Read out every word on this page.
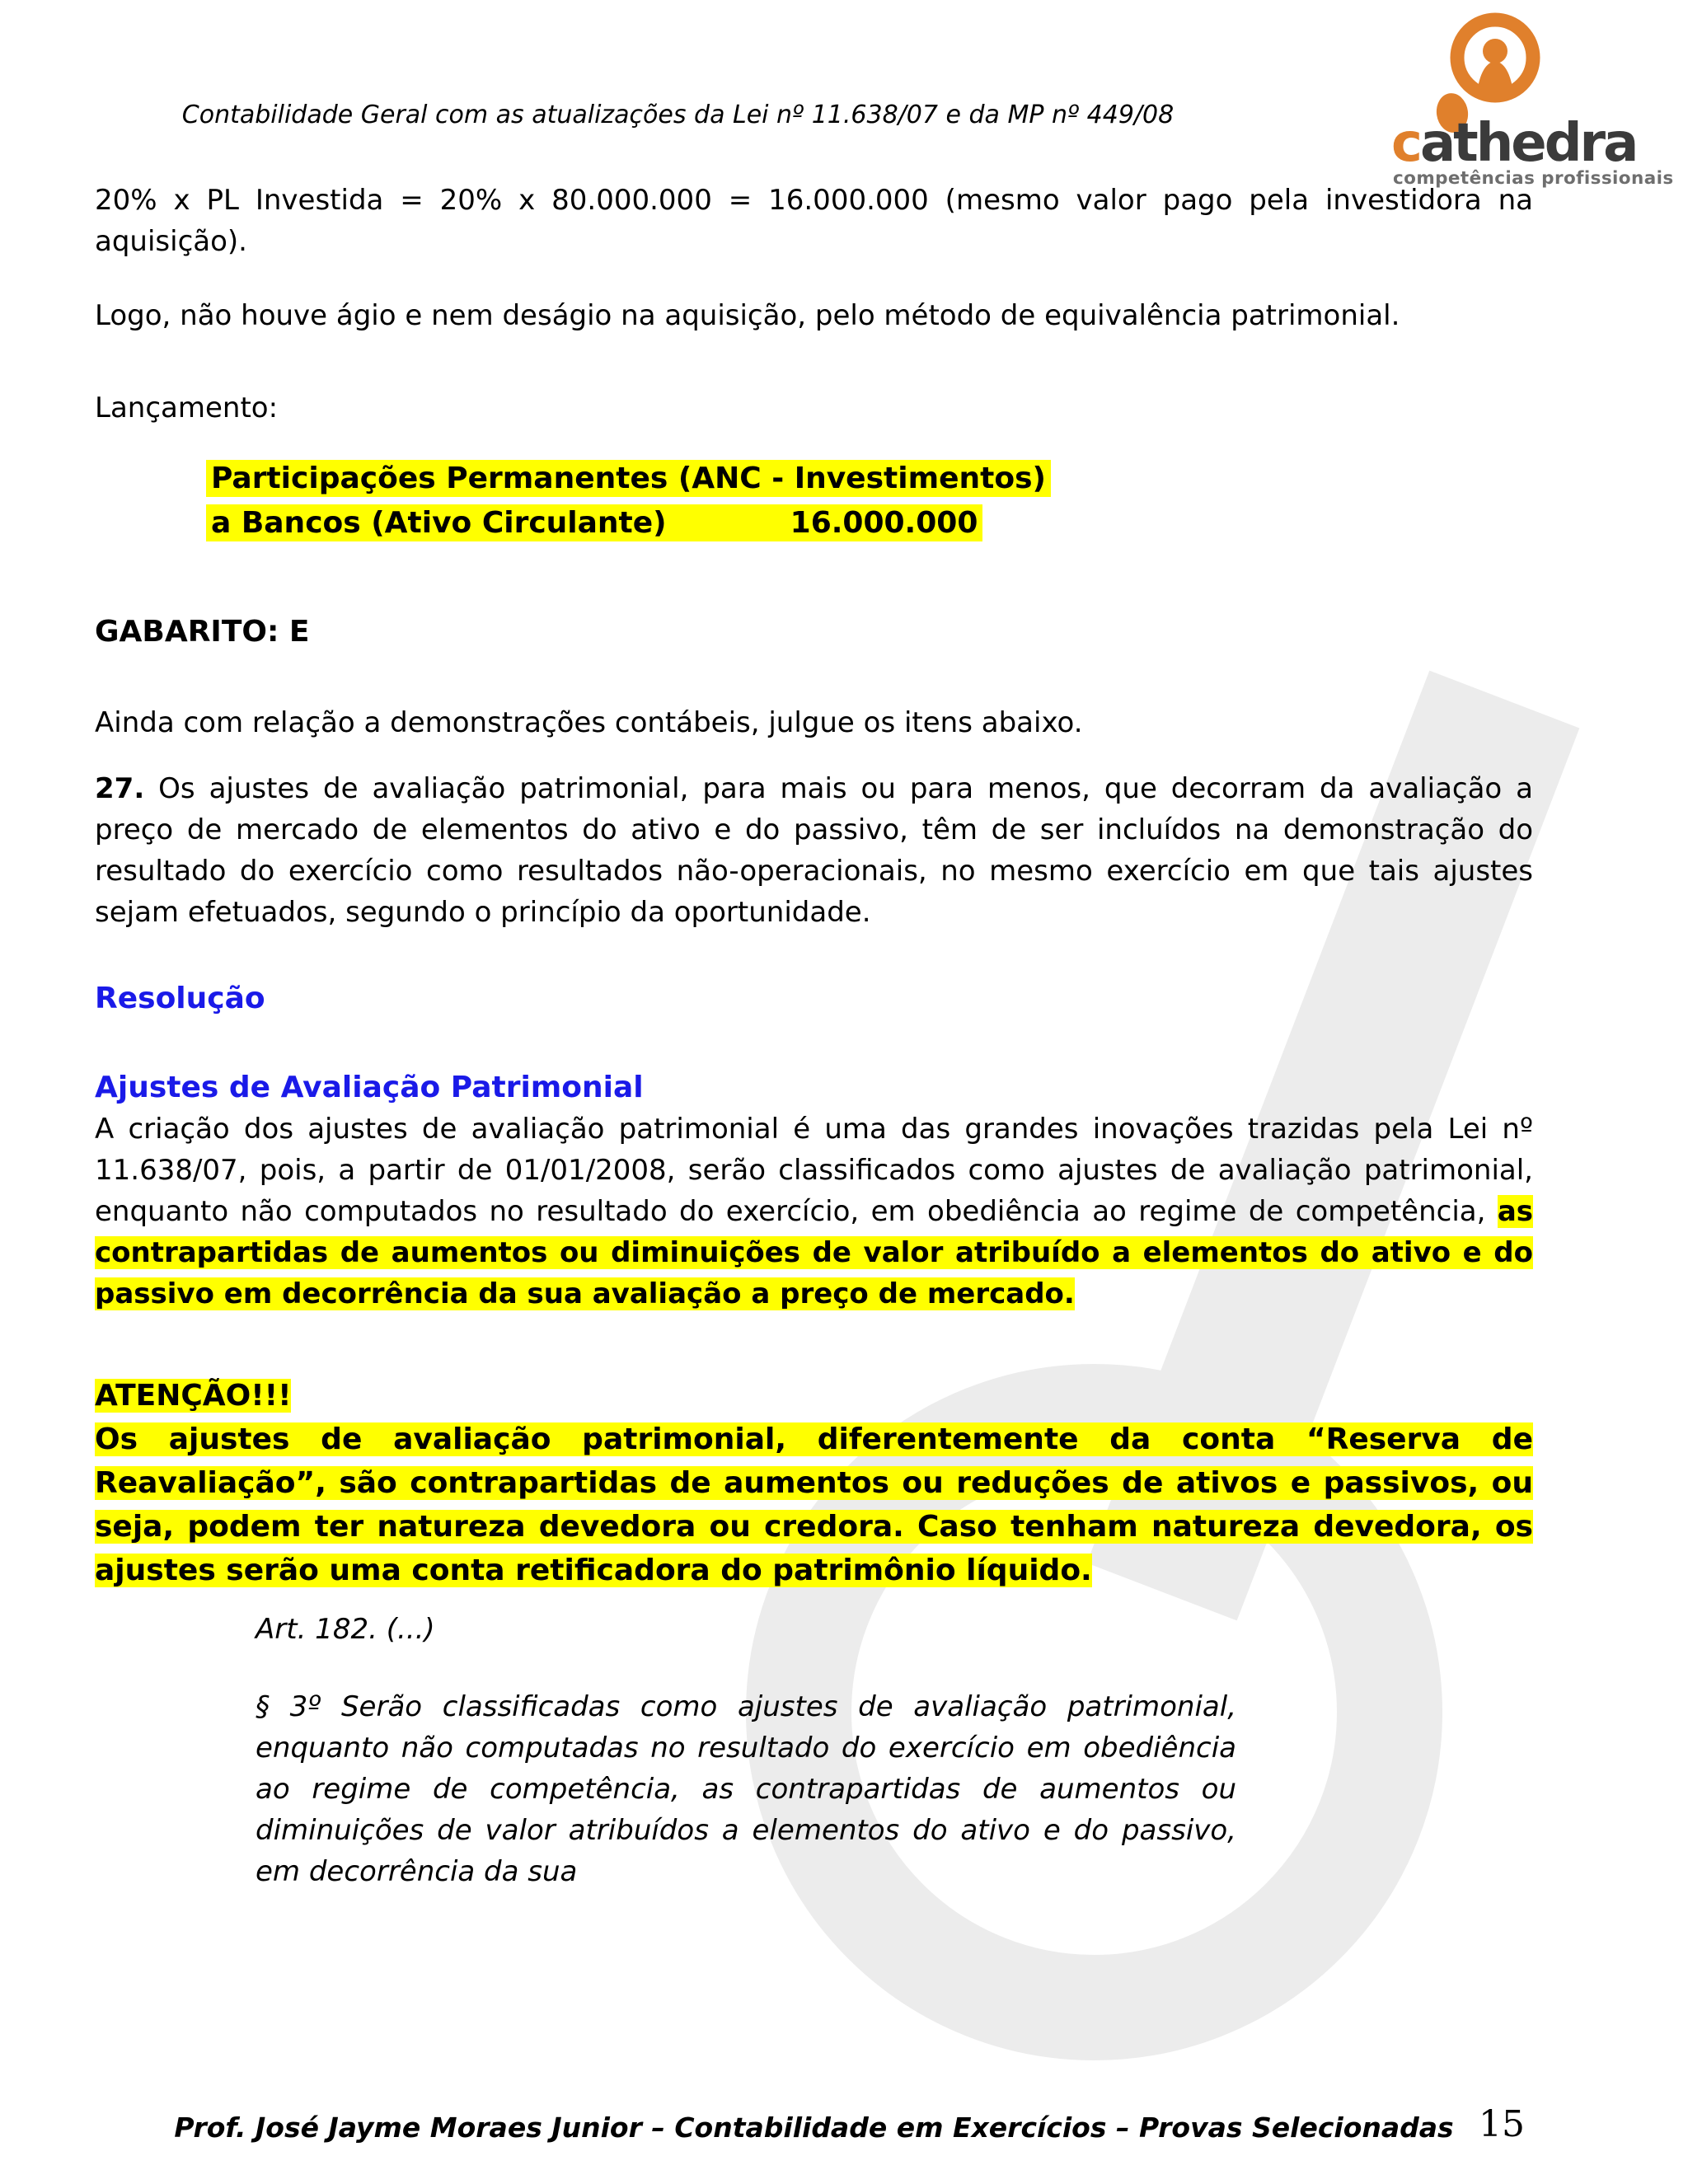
cathedra
competências profissionais
Contabilidade Geral com as atualizações da Lei nº 11.638/07 e da MP nº 449/08
20% x PL Investida = 20% x 80.000.000 = 16.000.000 (mesmo valor pago pela investidora na aquisição).
Logo, não houve ágio e nem deságio na aquisição, pelo método de equivalência patrimonial.
Lançamento:
Participações Permanentes (ANC - Investimentos)
a Bancos (Ativo Circulante)	16.000.000
GABARITO: E
Ainda com relação a demonstrações contábeis, julgue os itens abaixo.
27. Os ajustes de avaliação patrimonial, para mais ou para menos, que decorram da avaliação a preço de mercado de elementos do ativo e do passivo, têm de ser incluídos na demonstração do resultado do exercício como resultados não-operacionais, no mesmo exercício em que tais ajustes sejam efetuados, segundo o princípio da oportunidade.
Resolução
Ajustes de Avaliação Patrimonial
A criação dos ajustes de avaliação patrimonial é uma das grandes inovações trazidas pela Lei nº 11.638/07, pois, a partir de 01/01/2008, serão classificados como ajustes de avaliação patrimonial, enquanto não computados no resultado do exercício, em obediência ao regime de competência, as contrapartidas de aumentos ou diminuições de valor atribuído a elementos do ativo e do passivo em decorrência da sua avaliação a preço de mercado.
ATENÇÃO!!!
Os ajustes de avaliação patrimonial, diferentemente da conta “Reserva de Reavaliação”, são contrapartidas de aumentos ou reduções de ativos e passivos, ou seja, podem ter natureza devedora ou credora. Caso tenham natureza devedora, os ajustes serão uma conta retificadora do patrimônio líquido.
Art. 182. (...)
§ 3º Serão classificadas como ajustes de avaliação patrimonial, enquanto não computadas no resultado do exercício em obediência ao regime de competência, as contrapartidas de aumentos ou diminuições de valor atribuídos a elementos do ativo e do passivo, em decorrência da sua
Prof. José Jayme Moraes Junior – Contabilidade em Exercícios – Provas Selecionadas 15
